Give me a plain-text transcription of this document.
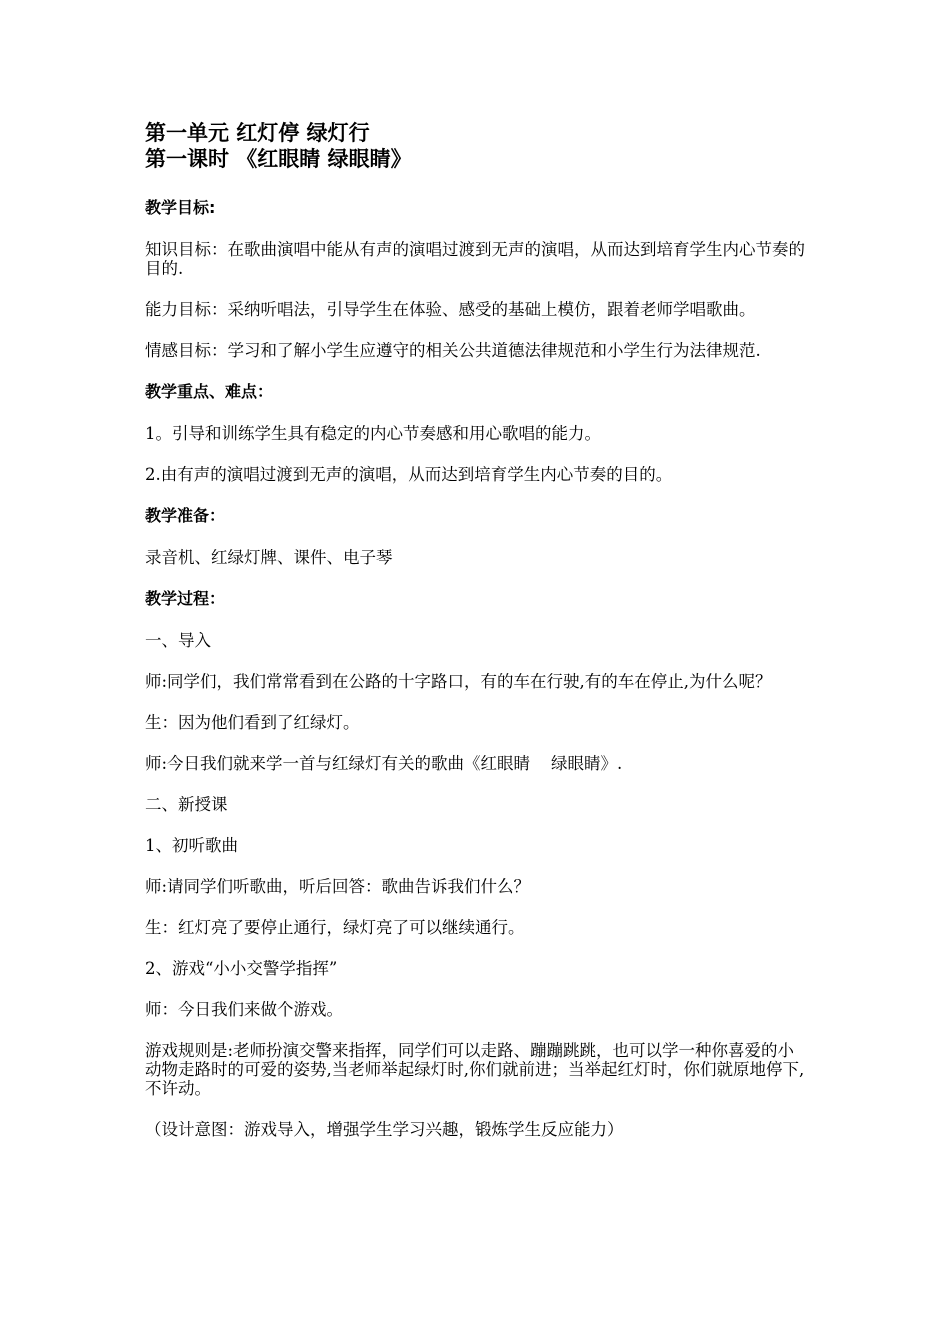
第一单元 红灯停 绿灯行

第一课时 《红眼睛 绿眼睛》

教学目标:

知识目标：在歌曲演唱中能从有声的演唱过渡到无声的演唱，从而达到培育学生内心节奏的目的.

能力目标：采纳听唱法，引导学生在体验、感受的基础上模仿，跟着老师学唱歌曲。

情感目标：学习和了解小学生应遵守的相关公共道德法律规范和小学生行为法律规范.

教学重点、难点：

1。引导和训练学生具有稳定的内心节奏感和用心歌唱的能力。

2.由有声的演唱过渡到无声的演唱，从而达到培育学生内心节奏的目的。

教学准备：

录音机、红绿灯牌、课件、电子琴

教学过程：

一、导入

师:同学们，我们常常看到在公路的十字路口，有的车在行驶,有的车在停止,为什么呢？

生：因为他们看到了红绿灯。

师:今日我们就来学一首与红绿灯有关的歌曲《红眼睛    绿眼睛》.

二、新授课

1、初听歌曲

师:请同学们听歌曲，听后回答：歌曲告诉我们什么？

生：红灯亮了要停止通行，绿灯亮了可以继续通行。

2、游戏“小小交警学指挥”

师：今日我们来做个游戏。

游戏规则是:老师扮演交警来指挥，同学们可以走路、蹦蹦跳跳，也可以学一种你喜爱的小动物走路时的可爱的姿势,当老师举起绿灯时,你们就前进；当举起红灯时，你们就原地停下,不许动。

（设计意图：游戏导入，增强学生学习兴趣，锻炼学生反应能力）
